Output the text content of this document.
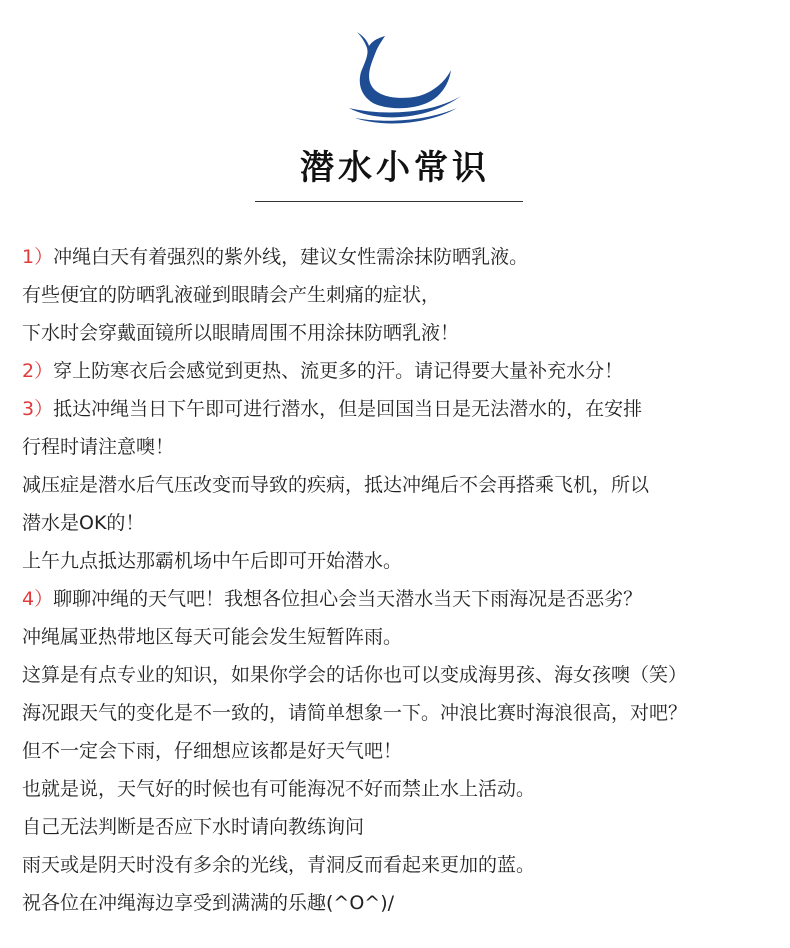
潜水小常识
1）冲绳白天有着强烈的紫外线，建议女性需涂抹防晒乳液。
有些便宜的防晒乳液碰到眼睛会产生刺痛的症状，
下水时会穿戴面镜所以眼睛周围不用涂抹防晒乳液！
2）穿上防寒衣后会感觉到更热、流更多的汗。请记得要大量补充水分！
3）抵达冲绳当日下午即可进行潜水，但是回国当日是无法潜水的，在安排
行程时请注意噢！
减压症是潜水后气压改变而导致的疾病，抵达冲绳后不会再搭乘飞机，所以
潜水是OK的！
上午九点抵达那霸机场中午后即可开始潜水。
4）聊聊冲绳的天气吧！我想各位担心会当天潜水当天下雨海况是否恶劣？
冲绳属亚热带地区每天可能会发生短暂阵雨。
这算是有点专业的知识，如果你学会的话你也可以变成海男孩、海女孩噢（笑）
海况跟天气的变化是不一致的，请简单想象一下。冲浪比赛时海浪很高，对吧？
但不一定会下雨，仔细想应该都是好天气吧！
也就是说，天气好的时候也有可能海况不好而禁止水上活动。
自己无法判断是否应下水时请向教练询问
雨天或是阴天时没有多余的光线，青洞反而看起来更加的蓝。
祝各位在冲绳海边享受到满满的乐趣(^O^)/
